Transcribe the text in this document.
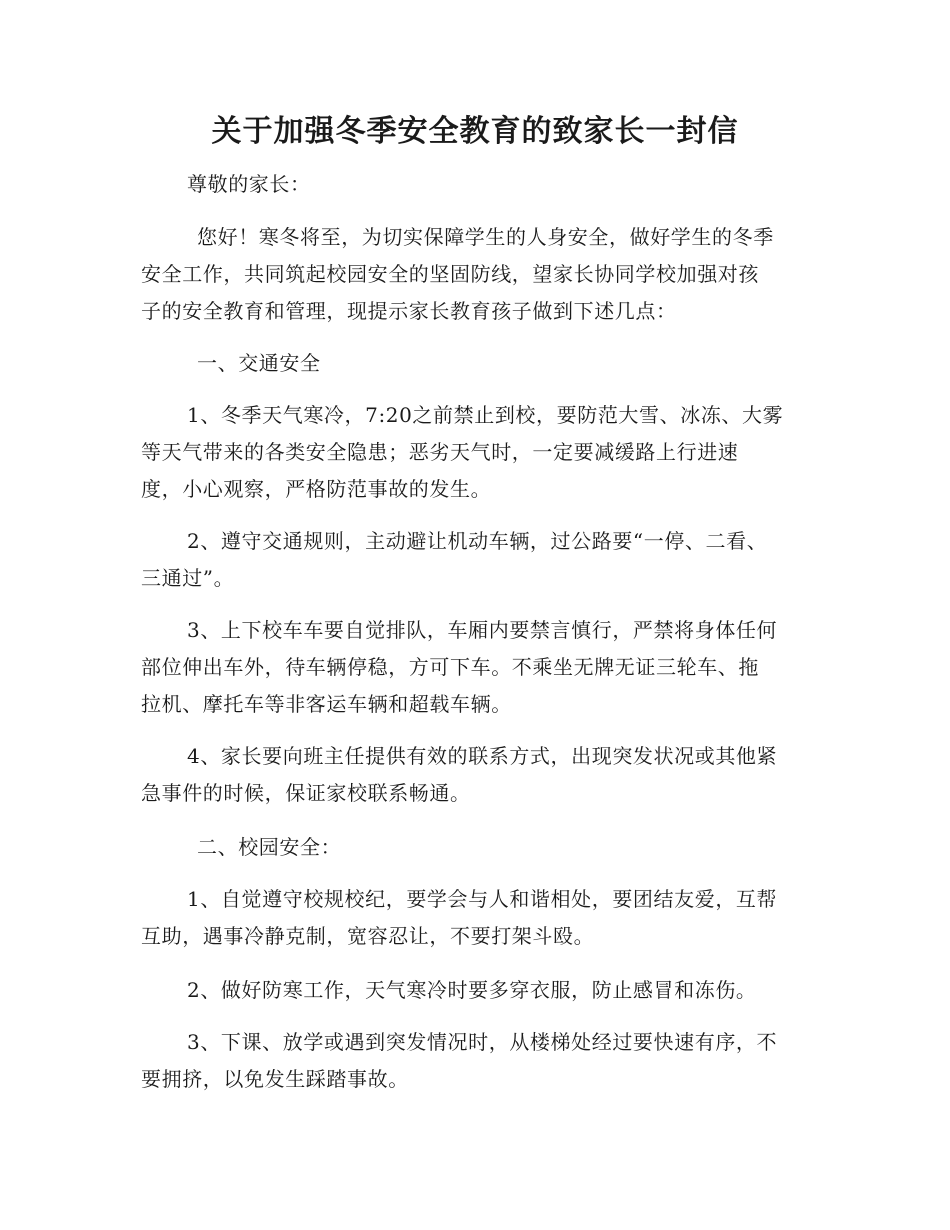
关于加强冬季安全教育的致家长一封信

尊敬的家长：

您好！寒冬将至，为切实保障学生的人身安全，做好学生的冬季

安全工作，共同筑起校园安全的坚固防线，望家长协同学校加强对孩

子的安全教育和管理，现提示家长教育孩子做到下述几点：

一、交通安全

1、冬季天气寒冷，7:20之前禁止到校，要防范大雪、冰冻、大雾

等天气带来的各类安全隐患；恶劣天气时，一定要减缓路上行进速

度，小心观察，严格防范事故的发生。

2、遵守交通规则，主动避让机动车辆，过公路要“一停、二看、

三通过”。

3、上下校车车要自觉排队，车厢内要禁言慎行，严禁将身体任何

部位伸出车外，待车辆停稳，方可下车。不乘坐无牌无证三轮车、拖

拉机、摩托车等非客运车辆和超载车辆。

4、家长要向班主任提供有效的联系方式，出现突发状况或其他紧

急事件的时候，保证家校联系畅通。

二、校园安全：

1、自觉遵守校规校纪，要学会与人和谐相处，要团结友爱，互帮

互助，遇事冷静克制，宽容忍让，不要打架斗殴。

2、做好防寒工作，天气寒冷时要多穿衣服，防止感冒和冻伤。

3、下课、放学或遇到突发情况时，从楼梯处经过要快速有序，不

要拥挤，以免发生踩踏事故。
